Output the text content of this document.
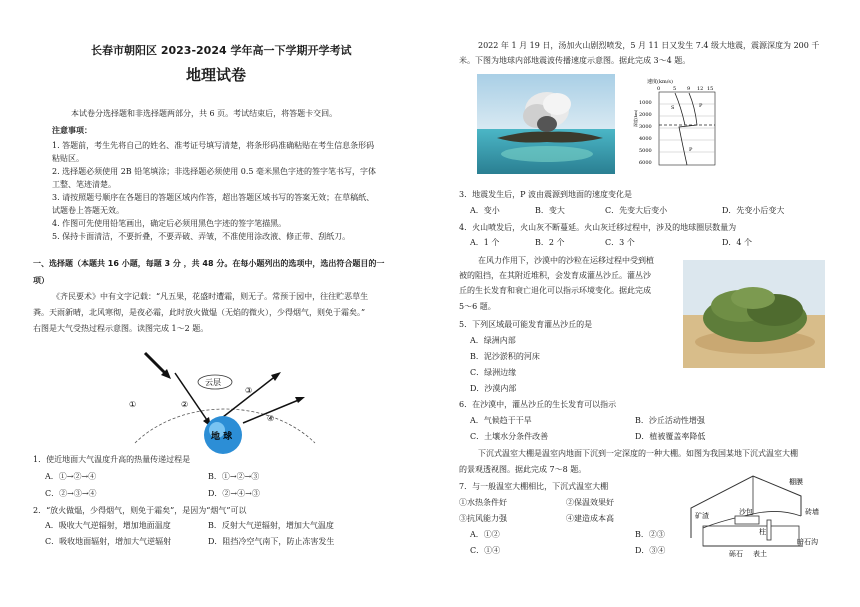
长春市朝阳区 2023-2024 学年高一下学期开学考试
地理试卷
本试卷分选择题和非选择题两部分，共 6 页。考试结束后，将答题卡交回。
注意事项：
1. 答题前，考生先将自己的姓名、准考证号填写清楚，将条形码准确粘贴在考生信息条形码
粘贴区。
2. 选择题必须使用 2B 铅笔填涂；非选择题必须使用 0.5 毫米黑色字迹的签字笔书写，字体
工整、笔迹清楚。
3. 请按照题号顺序在各题目的答题区域内作答，超出答题区域书写的答案无效；在草稿纸、
试题卷上答题无效。
4. 作图可先使用铅笔画出，确定后必须用黑色字迹的签字笔描黑。
5. 保持卡面清洁，不要折叠，不要弄破、弄皱，不准使用涂改液、修正带、刮纸刀。
一、选择题（本题共 16 小题，每题 3 分 ，共 48 分。在每小题列出的选项中，选出符合题目的一
项）
《齐民要术》中有文字记载：“凡五果，花盛时遭霜，则无子。常预于园中，往往贮恶草生
粪。天雨新晴，北风寒彻，是夜必霜，此时放火做煴（无焰的微火），少得烟气，则免于霜矣。”
右图是大气受热过程示意图。读图完成 1～2 题。
云层
地 球
①	②
③
④
1．使近地面大气温度升高的热量传递过程是
A．①→②→④	B．①→②→③
C．②→③→④	D．②→④→③
2．“放火做煴，少得烟气，则免于霜矣”，是因为“烟气”可以
A．吸收大气逆辐射，增加地面温度	B．反射大气逆辐射，增加大气温度
C．吸收地面辐射，增加大气逆辐射	D．阻挡冷空气南下，防止冻害发生
2022 年 1 月 19 日，汤加火山剧烈喷发，5 月 11 日又发生 7.4 级大地震，震源深度为 200 千
米。下图为地球内部地震波传播速度示意图。据此完成 3～4 题。
速度(km/s)
0	5 9 12 15
1000
2000
3000
4000
5000
6000
深度(km)
S	P
P
3．地震发生后，P 波由震源到地面的速度变化是
A．变小	B．变大	C．先变大后变小	D．先变小后变大
4．火山喷发后，火山灰不断蔓延。火山灰迁移过程中，涉及的地球圈层数量为
A．1 个	B．2 个	C．3 个	D．4 个
在风力作用下，沙漠中的沙粒在运移过程中受到植
被的阻挡，在其附近堆积，会发育成灌丛沙丘。灌丛沙
丘的生长发育和衰亡退化可以指示环境变化。据此完成
5～6 题。
5．下列区域最可能发育灌丛沙丘的是
A．绿洲内部
B．泥沙淤积的河床
C．绿洲边缘
D．沙漠内部
6．在沙漠中，灌丛沙丘的生长发育可以指示
A．气候趋于干旱	B．沙丘活动性增强
C．土壤水分条件改善	D．植被覆盖率降低
下沉式温室大棚是温室内地面下沉到一定深度的一种大棚。如图为我国某地下沉式温室大棚
的景观透视图。据此完成 7～8 题。
7．与一般温室大棚相比，下沉式温室大棚
①水热条件好	②保温效果好
③抗风能力强	④建造成本高
A．①②	B．②③
C．①④	D．③④
棚膜
矿渣	沙包	砖墙
柱
暗石沟
砾石 表土
